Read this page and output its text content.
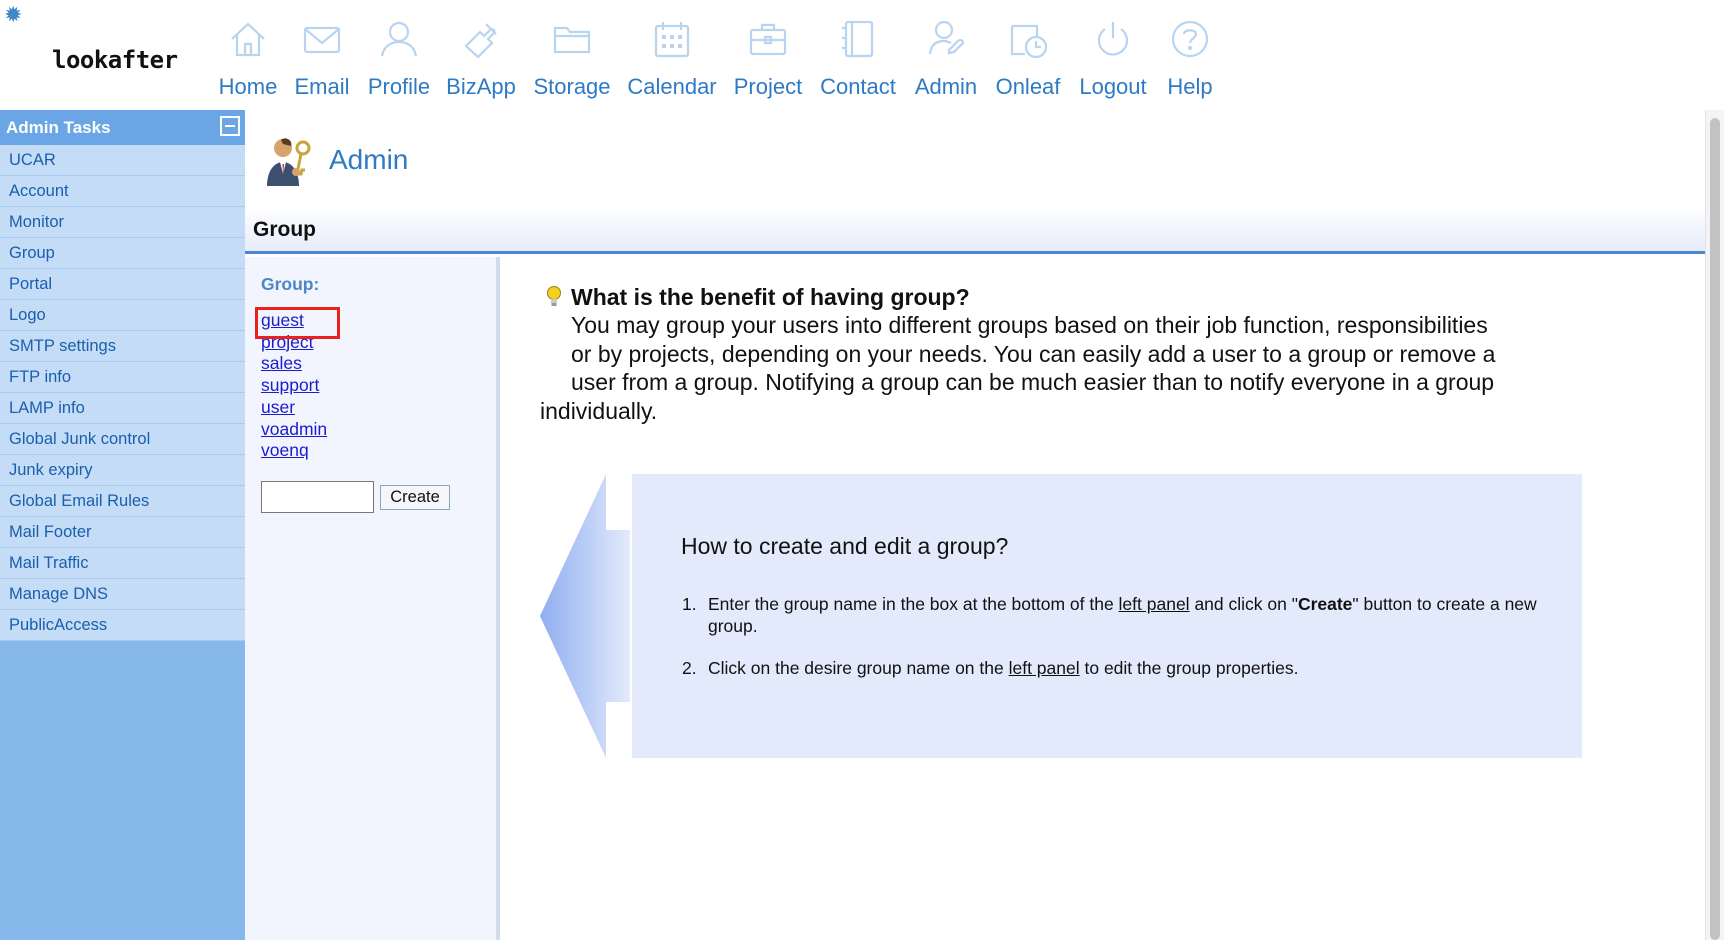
✹
lookafter
Home Email Profile BizApp Storage Calendar Project Contact Admin Onleaf Logout Help
Admin Tasks
UCAR
Account
Monitor
Group
Portal
Logo
SMTP settings
FTP info
LAMP info
Global Junk control
Junk expiry
Global Email Rules
Mail Footer
Mail Traffic
Manage DNS
PublicAccess
Admin
Group
Group:
guest
project
sales
support
user
voadmin
voenq
Create
What is the benefit of having group?
You may group your users into different groups based on their job function, responsibilities
or by projects, depending on your needs. You can easily add a user to a group or remove a
user from a group. Notifying a group can be much easier than to notify everyone in a group
individually.
How to create and edit a group?
1. Enter the group name in the box at the bottom of the left panel and click on "Create" button to create a new group.
2. Click on the desire group name on the left panel to edit the group properties.
